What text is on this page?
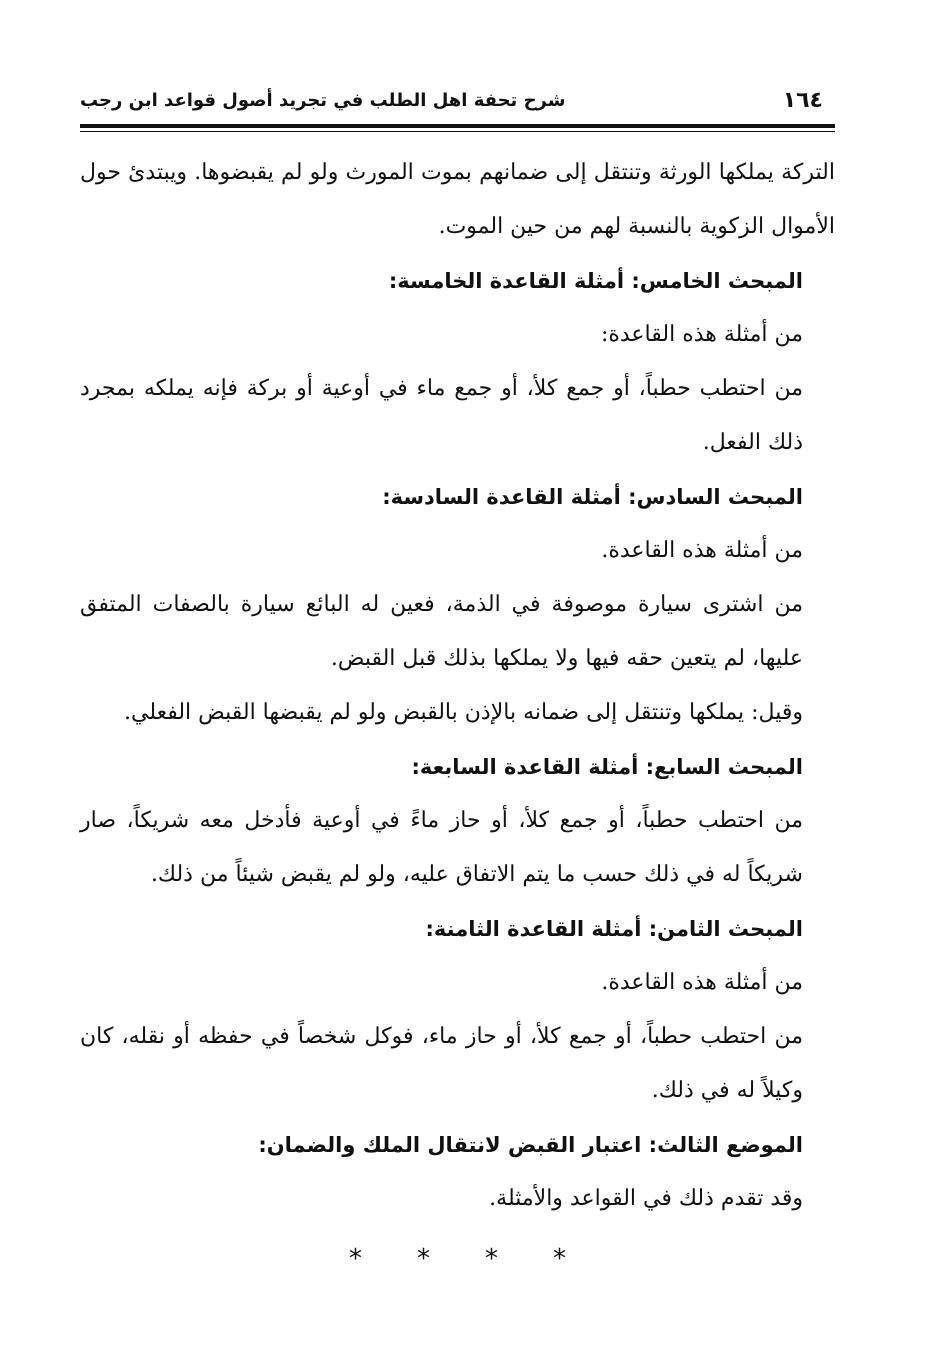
١٦٤
شرح تحفة اهل الطلب في تجريد أصول قواعد ابن رجب

التركة يملكها الورثة وتنتقل إلى ضمانهم بموت المورث ولو لم يقبضوها. ويبتدئ حول الأموال الزكوية بالنسبة لهم من حين الموت.

المبحث الخامس: أمثلة القاعدة الخامسة:

من أمثلة هذه القاعدة:

من احتطب حطباً، أو جمع كلأ، أو جمع ماء في أوعية أو بركة فإنه يملكه بمجرد ذلك الفعل.

المبحث السادس: أمثلة القاعدة السادسة:

من أمثلة هذه القاعدة.

من اشترى سيارة موصوفة في الذمة، فعين له البائع سيارة بالصفات المتفق عليها، لم يتعين حقه فيها ولا يملكها بذلك قبل القبض.

وقيل: يملكها وتنتقل إلى ضمانه بالإذن بالقبض ولو لم يقبضها القبض الفعلي.

المبحث السابع: أمثلة القاعدة السابعة:

من احتطب حطباً، أو جمع كلأ، أو حاز ماءً في أوعية فأدخل معه شريكاً، صار شريكاً له في ذلك حسب ما يتم الاتفاق عليه، ولو لم يقبض شيئاً من ذلك.

المبحث الثامن: أمثلة القاعدة الثامنة:

من أمثلة هذه القاعدة.

من احتطب حطباً، أو جمع كلأ، أو حاز ماء، فوكل شخصاً في حفظه أو نقله، كان وكيلاً له في ذلك.

الموضع الثالث: اعتبار القبض لانتقال الملك والضمان:

وقد تقدم ذلك في القواعد والأمثلة.

* * * *
